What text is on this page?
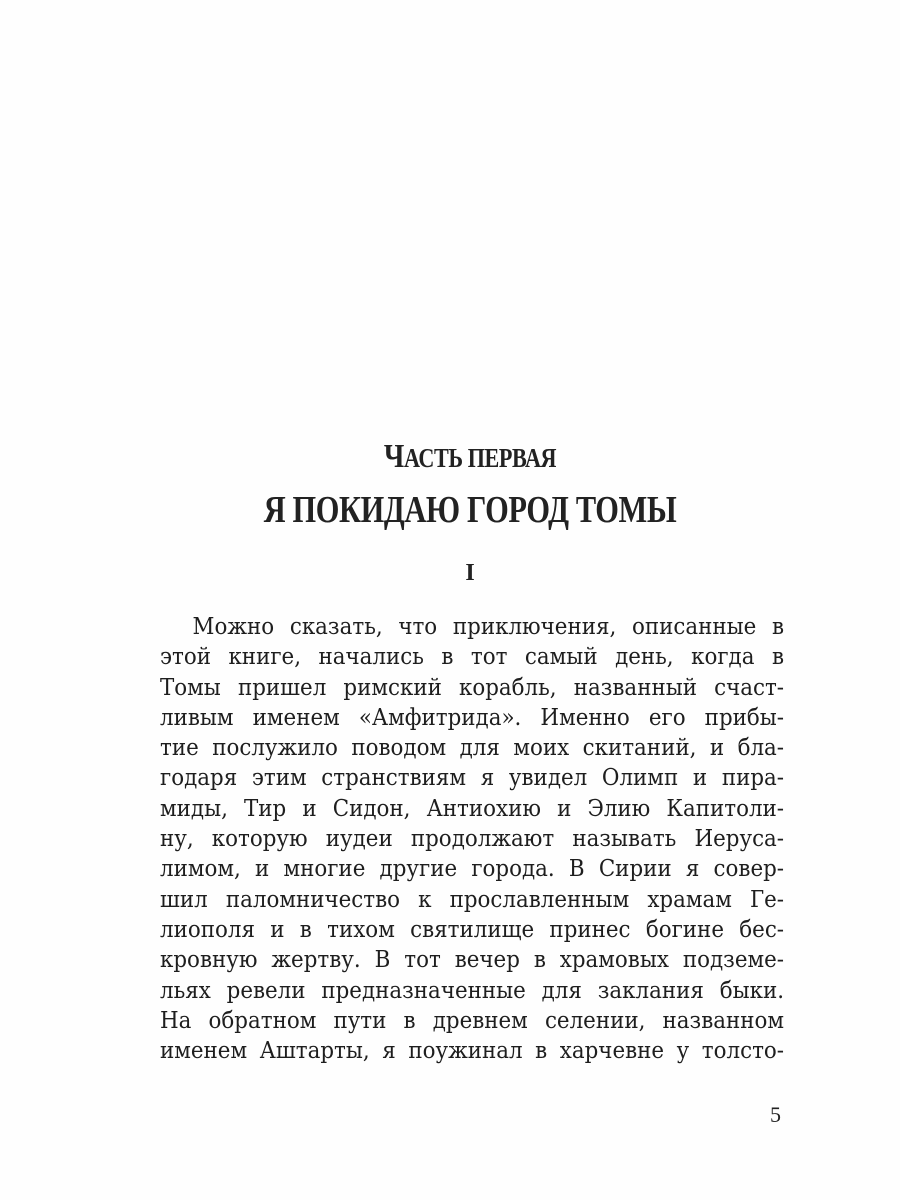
ЧАСТЬ ПЕРВАЯ
Я ПОКИДАЮ ГОРОД ТОМЫ
I
Можно сказать, что приключения, описанные в
этой книге, начались в тот самый день, когда в
Томы пришел римский корабль, названный счаст-
ливым именем «Амфитрида». Именно его прибы-
тие послужило поводом для моих скитаний, и бла-
годаря этим странствиям я увидел Олимп и пира-
миды, Тир и Сидон, Антиохию и Элию Капитоли-
ну, которую иудеи продолжают называть Иеруса-
лимом, и многие другие города. В Сирии я совер-
шил паломничество к прославленным храмам Ге-
лиополя и в тихом святилище принес богине бес-
кровную жертву. В тот вечер в храмовых подземе-
льях ревели предназначенные для заклания быки.
На обратном пути в древнем селении, названном
именем Аштарты, я поужинал в харчевне у толсто-
5
